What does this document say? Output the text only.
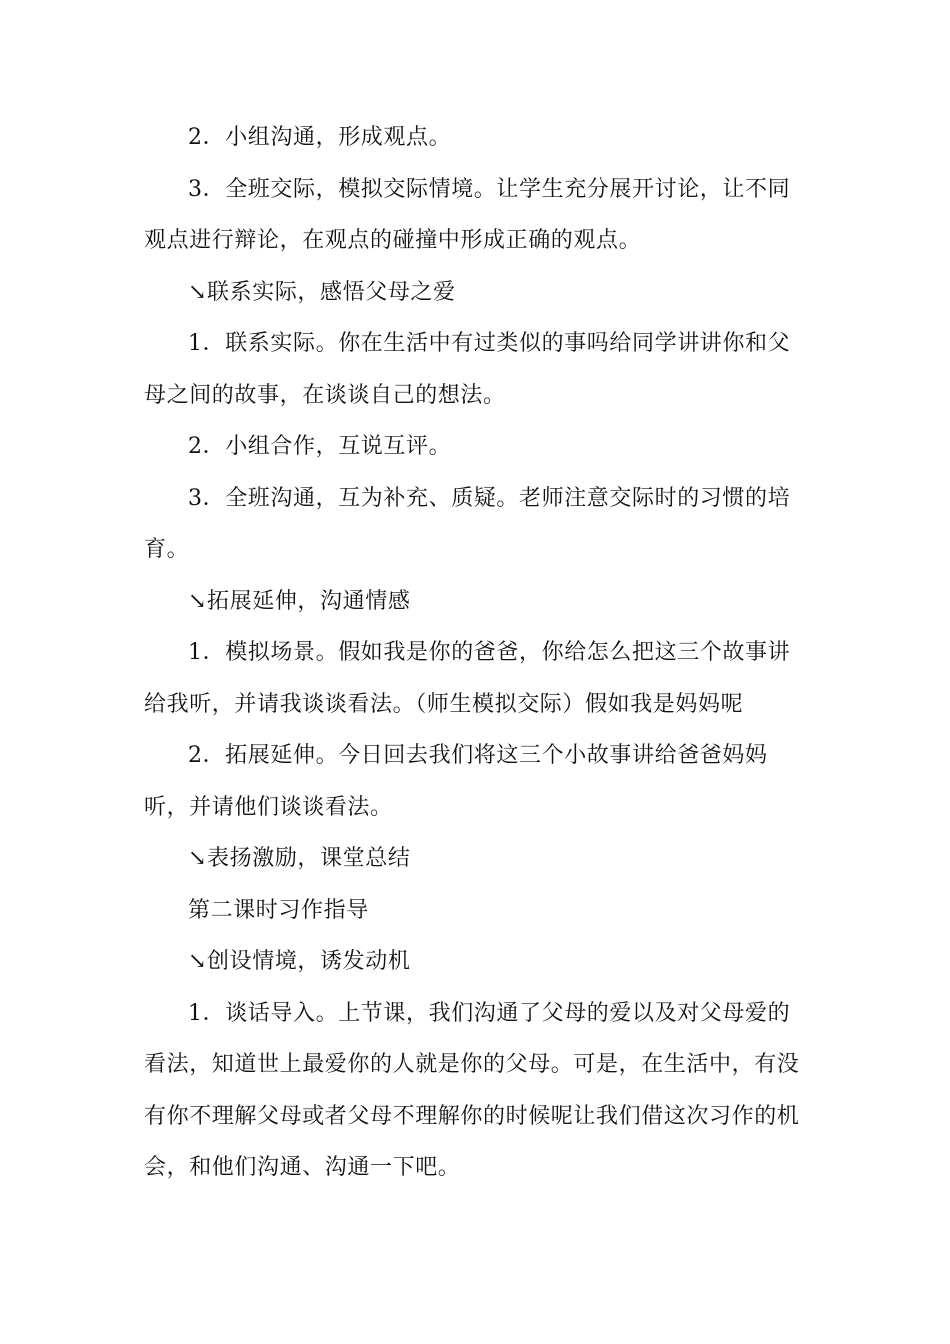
2．小组沟通，形成观点。

3．全班交际，模拟交际情境。让学生充分展开讨论，让不同观点进行辩论，在观点的碰撞中形成正确的观点。

↘联系实际，感悟父母之爱

1．联系实际。你在生活中有过类似的事吗给同学讲讲你和父母之间的故事，在谈谈自己的想法。

2．小组合作，互说互评。

3．全班沟通，互为补充、质疑。老师注意交际时的习惯的培育。

↘拓展延伸，沟通情感

1．模拟场景。假如我是你的爸爸，你给怎么把这三个故事讲给我听，并请我谈谈看法。（师生模拟交际）假如我是妈妈呢

2．拓展延伸。今日回去我们将这三个小故事讲给爸爸妈妈听，并请他们谈谈看法。

↘表扬激励，课堂总结

第二课时习作指导

↘创设情境，诱发动机

1．谈话导入。上节课，我们沟通了父母的爱以及对父母爱的看法，知道世上最爱你的人就是你的父母。可是，在生活中，有没有你不理解父母或者父母不理解你的时候呢让我们借这次习作的机会，和他们沟通、沟通一下吧。
